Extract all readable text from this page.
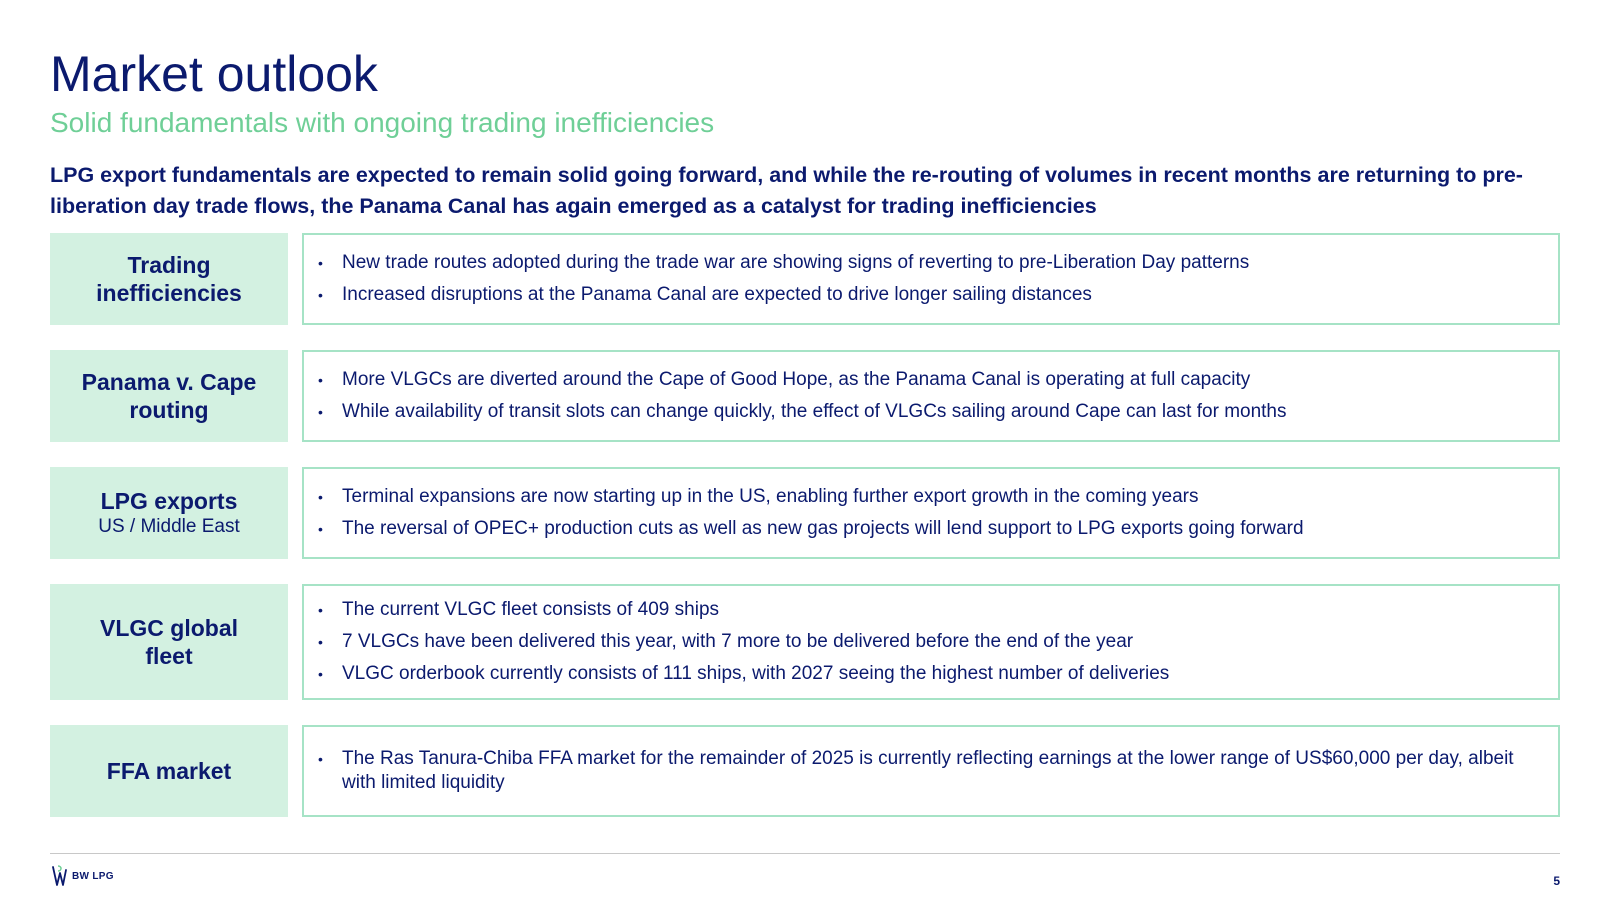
Market outlook
Solid fundamentals with ongoing trading inefficiencies
LPG export fundamentals are expected to remain solid going forward, and while the re-routing of volumes in recent months are returning to pre-liberation day trade flows, the Panama Canal has again emerged as a catalyst for trading inefficiencies
Trading inefficiencies
•	New trade routes adopted during the trade war are showing signs of reverting to pre-Liberation Day patterns
•	Increased disruptions at the Panama Canal are expected to drive longer sailing distances
Panama v. Cape routing
•	More VLGCs are diverted around the Cape of Good Hope, as the Panama Canal is operating at full capacity
•	While availability of transit slots can change quickly, the effect of VLGCs sailing around Cape can last for months
LPG exports
US / Middle East
•	Terminal expansions are now starting up in the US, enabling further export growth in the coming years
•	The reversal of OPEC+ production cuts as well as new gas projects will lend support to LPG exports going forward
VLGC global fleet
•	The current VLGC fleet consists of 409 ships
•	7 VLGCs have been delivered this year, with 7 more to be delivered before the end of the year
•	VLGC orderbook currently consists of 111 ships, with 2027 seeing the highest number of deliveries
FFA market	•	The Ras Tanura-Chiba FFA market for the remainder of 2025 is currently reflecting earnings at the lower range of US$60,000 per day, albeit with limited liquidity
BW LPG	5
